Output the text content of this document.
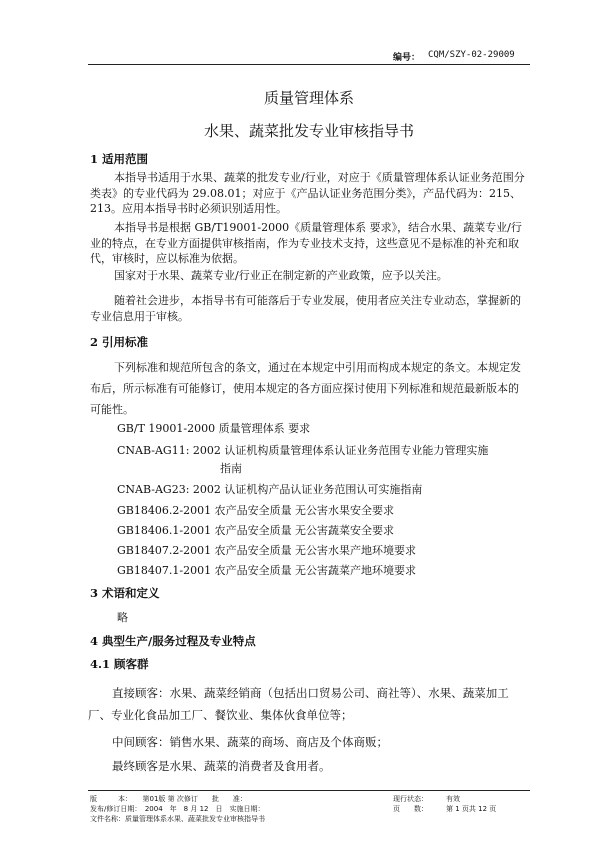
编号： CQM/SZY-02-29009
质量管理体系
水果、蔬菜批发专业审核指导书
1 适用范围
本指导书适用于水果、蔬菜的批发专业/行业，对应于《质量管理体系认证业务范围分类表》的专业代码为 29.08.01；对应于《产品认证业务范围分类》，产品代码为：215、213。应用本指导书时必须识别适用性。
本指导书是根据 GB/T19001-2000《质量管理体系 要求》，结合水果、蔬菜专业/行业的特点，在专业方面提供审核指南，作为专业技术支持，这些意见不是标准的补充和取代，审核时，应以标准为依据。
国家对于水果、蔬菜专业/行业正在制定新的产业政策，应予以关注。
随着社会进步，本指导书有可能落后于专业发展，使用者应关注专业动态，掌握新的专业信息用于审核。
2 引用标准
下列标准和规范所包含的条文，通过在本规定中引用而构成本规定的条文。本规定发布后，所示标准有可能修订，使用本规定的各方面应探讨使用下列标准和规范最新版本的可能性。
GB/T 19001-2000 质量管理体系 要求
CNAB-AG11: 2002 认证机构质量管理体系认证业务范围专业能力管理实施
指南
CNAB-AG23: 2002 认证机构产品认证业务范围认可实施指南
GB18406.2-2001 农产品安全质量 无公害水果安全要求
GB18406.1-2001 农产品安全质量 无公害蔬菜安全要求
GB18407.2-2001 农产品安全质量 无公害水果产地环境要求
GB18407.1-2001 农产品安全质量 无公害蔬菜产地环境要求
3 术语和定义
略
4 典型生产/服务过程及专业特点
4.1 顾客群
直接顾客：水果、蔬菜经销商（包括出口贸易公司、商社等）、水果、蔬菜加工厂、专业化食品加工厂、餐饮业、集体伙食单位等；
中间顾客：销售水果、蔬菜的商场、商店及个体商贩；
最终顾客是水果、蔬菜的消费者及食用者。
版　　　本：　　第01版 第 次修订　　批　　准：	现行状态：	有效
发布/修订日期：　2004　年　8 月 12　日　实施日期：	页　　数：	第 1 页共 12 页
文件名称：质量管理体系水果、蔬菜批发专业审核指导书
